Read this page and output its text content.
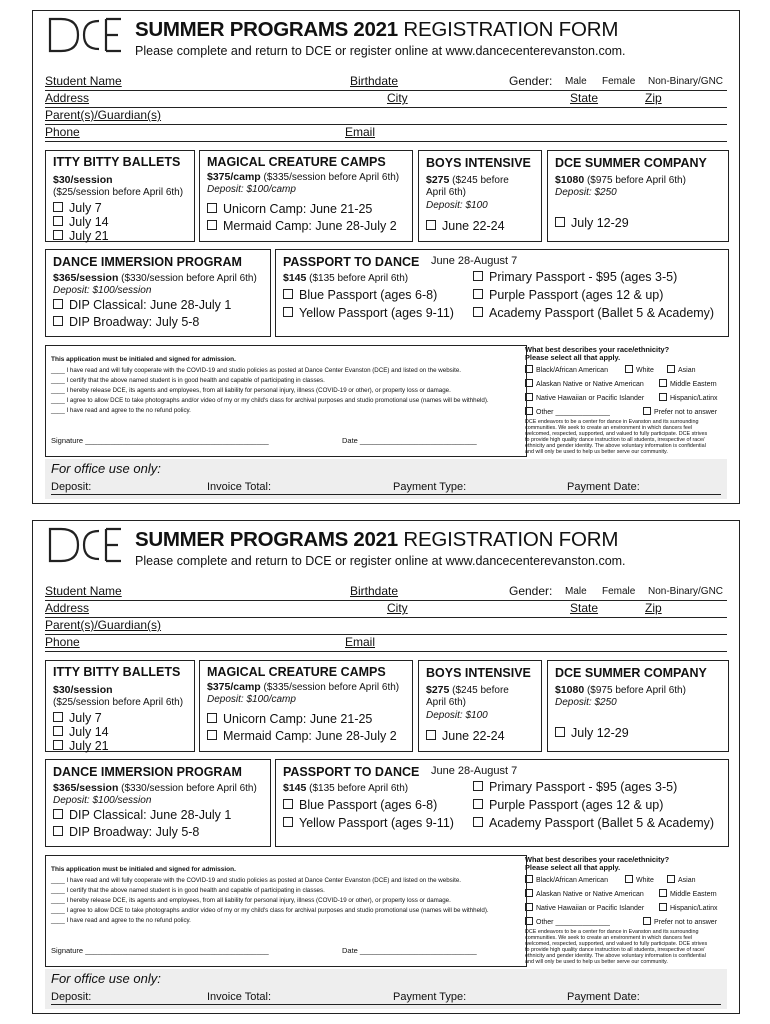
SUMMER PROGRAMS 2021 REGISTRATION FORM
Please complete and return to DCE or register online at www.dancecenterevanston.com.
Student Name	Birthdate	Gender: Male Female Non-Binary/GNC
Address	City	State	Zip
Parent(s)/Guardian(s)
Phone	Email
ITTY BITTY BALLETS
$30/session
($25/session before April 6th)
July 7
July 14
July 21
MAGICAL CREATURE CAMPS
$375/camp ($335/session before April 6th)
Deposit: $100/camp
Unicorn Camp: June 21-25
Mermaid Camp: June 28-July 2
BOYS INTENSIVE
$275 ($245 before
April 6th)
Deposit: $100
June 22-24
DCE SUMMER COMPANY
$1080 ($975 before April 6th)
Deposit: $250
July 12-29
DANCE IMMERSION PROGRAM
$365/session ($330/session before April 6th)
Deposit: $100/session
DIP Classical: June 28-July 1
DIP Broadway: July 5-8
PASSPORT TO DANCE June 28-August 7
$145 ($135 before April 6th)	Primary Passport - $95 (ages 3-5)
Blue Passport (ages 6-8)	Purple Passport (ages 12 & up)
Yellow Passport (ages 9-11)	Academy Passport (Ballet 5 & Academy)
This application must be initialed and signed for admission.
____ I have read and will fully cooperate with the COVID-19 and studio policies as posted at Dance Center Evanston (DCE) and listed on the website.
____ I certify that the above named student is in good health and capable of participating in classes.
____ I hereby release DCE, its agents and employees, from all liability for personal injury, illness (COVID-19 or other), or property loss or damage.
____ I agree to allow DCE to take photographs and/or video of my or my child's class for archival purposes and studio promotional use (names will be withheld).
____ I have read and agree to the no refund policy.
Signature ____________________________________________	Date ____________________________
What best describes your race/ethnicity?
Please select all that apply.
Black/African American	White	Asian
Alaskan Native or Native American	Middle Eastern
Native Hawaiian or Pacific Islander	Hispanic/Latinx
Other ______________	Prefer not to answer
DCE endeavors to be a center for dance in Evanston and its surrounding
communities. We seek to create an environment in which dancers feel
welcomed, respected, supported, and valued to fully participate. DCE strives
to provide high quality dance instruction to all students, irrespective of race/
ethnicity and gender identity. The above voluntary information is confidential
and will only be used to help us better serve our community.
For office use only:
Deposit:	Invoice Total:	Payment Type:	Payment Date:
SUMMER PROGRAMS 2021 REGISTRATION FORM
Please complete and return to DCE or register online at www.dancecenterevanston.com.
Student Name	Birthdate	Gender: Male Female Non-Binary/GNC
Address	City	State	Zip
Parent(s)/Guardian(s)
Phone	Email
ITTY BITTY BALLETS
$30/session
($25/session before April 6th)
July 7
July 14
July 21
MAGICAL CREATURE CAMPS
$375/camp ($335/session before April 6th)
Deposit: $100/camp
Unicorn Camp: June 21-25
Mermaid Camp: June 28-July 2
BOYS INTENSIVE
$275 ($245 before
April 6th)
Deposit: $100
June 22-24
DCE SUMMER COMPANY
$1080 ($975 before April 6th)
Deposit: $250
July 12-29
DANCE IMMERSION PROGRAM
$365/session ($330/session before April 6th)
Deposit: $100/session
DIP Classical: June 28-July 1
DIP Broadway: July 5-8
PASSPORT TO DANCE June 28-August 7
$145 ($135 before April 6th)	Primary Passport - $95 (ages 3-5)
Blue Passport (ages 6-8)	Purple Passport (ages 12 & up)
Yellow Passport (ages 9-11)	Academy Passport (Ballet 5 & Academy)
This application must be initialed and signed for admission.
____ I have read and will fully cooperate with the COVID-19 and studio policies as posted at Dance Center Evanston (DCE) and listed on the website.
____ I certify that the above named student is in good health and capable of participating in classes.
____ I hereby release DCE, its agents and employees, from all liability for personal injury, illness (COVID-19 or other), or property loss or damage.
____ I agree to allow DCE to take photographs and/or video of my or my child's class for archival purposes and studio promotional use (names will be withheld).
____ I have read and agree to the no refund policy.
Signature ____________________________________________	Date ____________________________
What best describes your race/ethnicity?
Please select all that apply.
Black/African American	White	Asian
Alaskan Native or Native American	Middle Eastern
Native Hawaiian or Pacific Islander	Hispanic/Latinx
Other ______________	Prefer not to answer
DCE endeavors to be a center for dance in Evanston and its surrounding
communities. We seek to create an environment in which dancers feel
welcomed, respected, supported, and valued to fully participate. DCE strives
to provide high quality dance instruction to all students, irrespective of race/
ethnicity and gender identity. The above voluntary information is confidential
and will only be used to help us better serve our community.
For office use only:
Deposit:	Invoice Total:	Payment Type:	Payment Date:
